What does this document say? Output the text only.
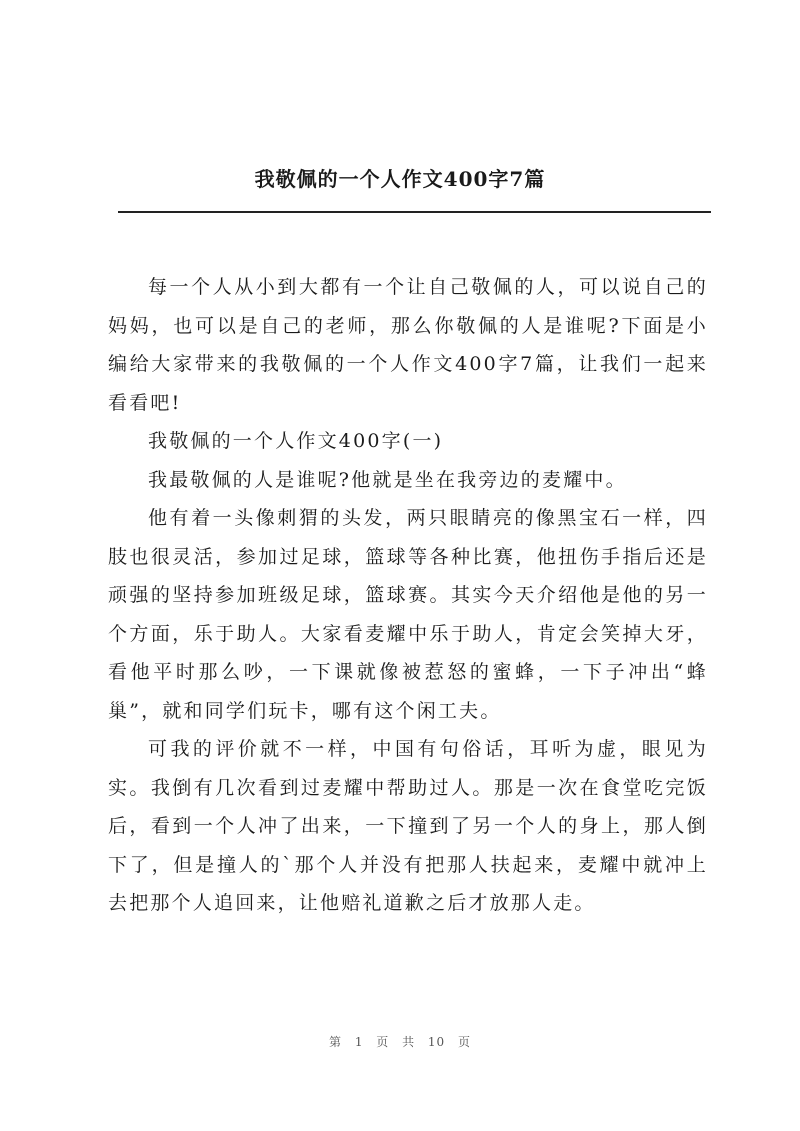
我敬佩的一个人作文400字7篇

每一个人从小到大都有一个让自己敬佩的人，可以说自己的妈妈，也可以是自己的老师，那么你敬佩的人是谁呢?下面是小编给大家带来的我敬佩的一个人作文400字7篇，让我们一起来看看吧!

我敬佩的一个人作文400字(一)

我最敬佩的人是谁呢?他就是坐在我旁边的麦耀中。

他有着一头像刺猬的头发，两只眼睛亮的像黑宝石一样，四肢也很灵活，参加过足球，篮球等各种比赛，他扭伤手指后还是顽强的坚持参加班级足球，篮球赛。其实今天介绍他是他的另一个方面，乐于助人。大家看麦耀中乐于助人，肯定会笑掉大牙，看他平时那么吵，一下课就像被惹怒的蜜蜂，一下子冲出“蜂巢”，就和同学们玩卡，哪有这个闲工夫。

可我的评价就不一样，中国有句俗话，耳听为虚，眼见为实。我倒有几次看到过麦耀中帮助过人。那是一次在食堂吃完饭后，看到一个人冲了出来，一下撞到了另一个人的身上，那人倒下了，但是撞人的`那个人并没有把那人扶起来，麦耀中就冲上去把那个人追回来，让他赔礼道歉之后才放那人走。

第 1 页 共 10 页
